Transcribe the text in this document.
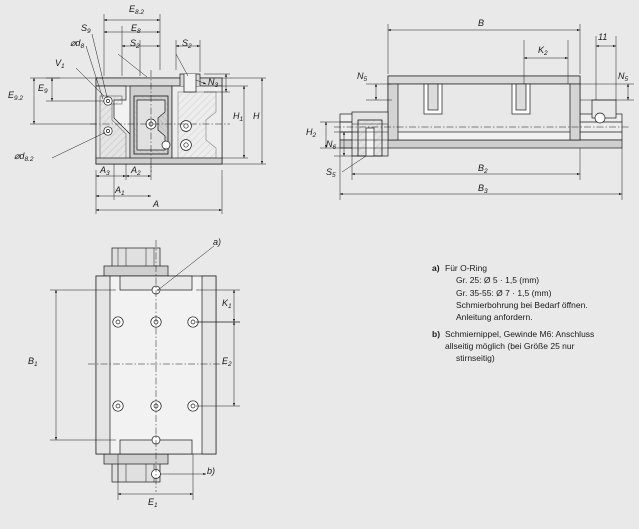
$E_{8.2}$
$E_8$
$S_9$
$⌀d_8$
$V_1$
$S_2$	$S_2$
$N_3$
$E_{9.2}$
$E_9$
$H_1$ H
$⌀d_{8.2}$
$A_3$ $A_2$
$A_1$
A
B
$K_2$
11
$N_5$	$N_5$
$H_2$
$N_6$
$S_5$
$B_2$
$B_3$
a)
b)
$K_1$
$B_1$	$E_2$
$E_1$
a) Für O-Ring
Gr. 25: Ø 5 · 1,5 (mm)
Gr. 35-55: Ø 7 · 1,5 (mm)
Schmierbohrung bei Bedarf öffnen.
Anleitung anfordern.
b) Schmiernippel, Gewinde M6: Anschluss
allseitig möglich (bei Größe 25 nur
stirnseitig)
